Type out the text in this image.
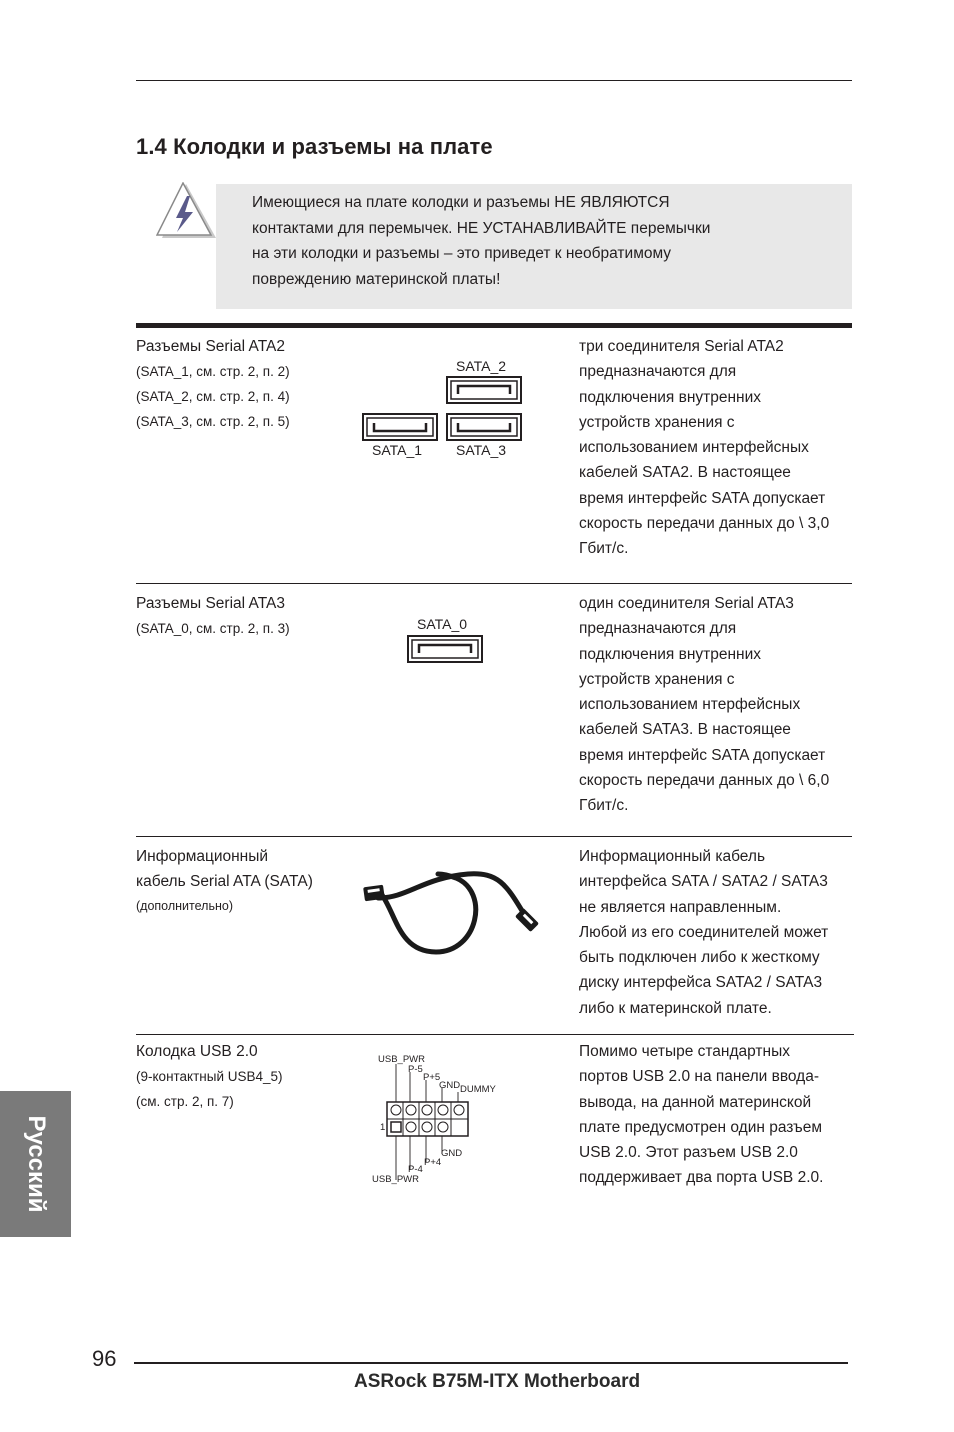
1.4 Колодки и разъемы на плате
Имеющиеся на плате колодки и разъемы НЕ ЯВЛЯЮТСЯ
контактами для перемычек. НЕ УСТАНАВЛИВАЙТЕ перемычки
на эти колодки и разъемы – это приведет к необратимому
повреждению материнской платы!
Разъемы Serial ATA2
(SATA_1, см. стр. 2, п. 2)
(SATA_2, см. стр. 2, п. 4)
(SATA_3, см. стр. 2, п. 5)
SATA_2
SATA_1 SATA_3
три соединителя Serial ATA2
предназначаются для
подключения внутренних
устройств хранения с
использованием интерфейсных
кабелей SATA2. В настоящее
время интерфейс SATA допускает
скорость передачи данных до \ 3,0
Гбит/с.
Разъемы Serial ATA3
(SATA_0, см. стр. 2, п. 3)	SATA_0
один соединителя Serial ATA3
предназначаются для
подключения внутренних
устройств хранения с
использованием нтерфейсных
кабелей SATA3. В настоящее
время интерфейс SATA допускает
скорость передачи данных до \ 6,0
Гбит/с.
Информационный
кабель Serial ATA (SATA)
(дополнительно)
Информационный кабель
интерфейса SATA / SATA2 / SATA3
не является направленным.
Любой из его соединителей может
быть подключен либо к жесткому
диску интерфейса SATA2 / SATA3
либо к материнской плате.
Колодка USB 2.0
(9-контактный USB4_5)
(см. стр. 2, п. 7)
USB_PWR
P-5
P+5
GND DUMMY
1
GND
P+4
P-4
USB_PWR
Помимо четыре стандартных
портов USB 2.0 на панели ввода-
вывода, на данной материнской
плате предусмотрен один разъем
USB 2.0. Этот разъем USB 2.0
поддерживает два порта USB 2.0.
Русский
96
ASRock B75M-ITX Motherboard
